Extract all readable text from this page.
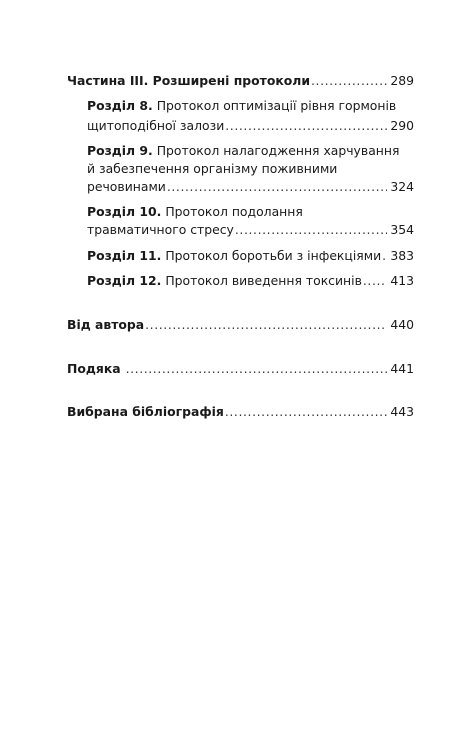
Частина III. Розширені протоколи .....	289
Розділ 8.
Протокол оптимізації рівня гормонів
щитоподібної залози .....	290
Розділ 9.
Протокол налагодження харчування
й забезпечення організму поживними
речовинами .....	324
Розділ 10.
Протокол подолання
травматичного стресу .....	354
Розділ 11.
Протокол боротьби з інфекціями ..... 383
Розділ 12.
Протокол виведення токсинів ..... 413
Від автора .....	440
Подяка
.....	441
Вибрана бібліографія .....	443
